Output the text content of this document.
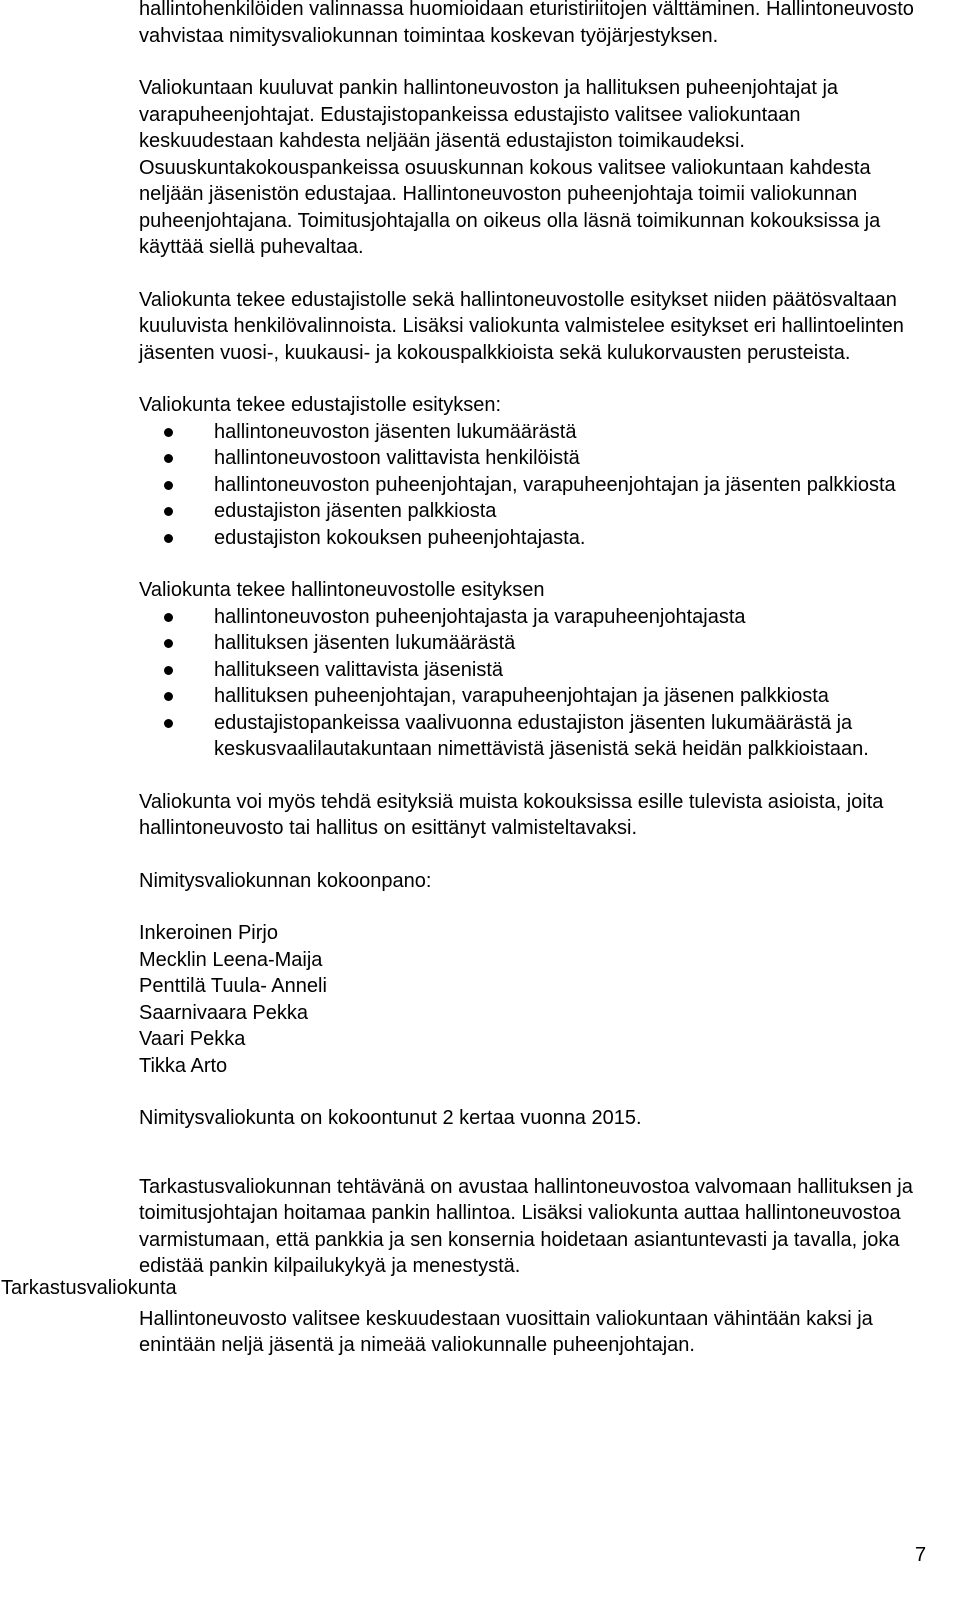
hallintohenkilöiden valinnassa huomioidaan eturistiriitojen välttäminen. Hallintoneuvosto vahvistaa nimitysvaliokunnan toimintaa koskevan työjärjestyksen.

Valiokuntaan kuuluvat pankin hallintoneuvoston ja hallituksen puheenjohtajat ja varapuheenjohtajat. Edustajistopankeissa edustajisto valitsee valiokuntaan keskuudestaan kahdesta neljään jäsentä edustajiston toimikaudeksi. Osuuskuntakokouspankeissa osuuskunnan kokous valitsee valiokuntaan kahdesta neljään jäsenistön edustajaa. Hallintoneuvoston puheenjohtaja toimii valiokunnan puheenjohtajana. Toimitusjohtajalla on oikeus olla läsnä toimikunnan kokouksissa ja käyttää siellä puhevaltaa.

Valiokunta tekee edustajistolle sekä hallintoneuvostolle esitykset niiden päätösvaltaan kuuluvista henkilövalinnoista. Lisäksi valiokunta valmistelee esitykset eri hallintoelinten jäsenten vuosi-, kuukausi- ja kokouspalkkioista sekä kulukorvausten perusteista.

Valiokunta tekee edustajistolle esityksen:

hallintoneuvoston jäsenten lukumäärästä
hallintoneuvostoon valittavista henkilöistä
hallintoneuvoston puheenjohtajan, varapuheenjohtajan ja jäsenten palkkiosta
edustajiston jäsenten palkkiosta
edustajiston kokouksen puheenjohtajasta.

Valiokunta tekee hallintoneuvostolle esityksen

hallintoneuvoston puheenjohtajasta ja varapuheenjohtajasta
hallituksen jäsenten lukumäärästä
hallitukseen valittavista jäsenistä
hallituksen puheenjohtajan, varapuheenjohtajan ja jäsenen palkkiosta
edustajistopankeissa vaalivuonna edustajiston jäsenten lukumäärästä ja keskusvaalilautakuntaan nimettävistä jäsenistä sekä heidän palkkioistaan.

Valiokunta voi myös tehdä esityksiä muista kokouksissa esille tulevista asioista, joita hallintoneuvosto tai hallitus on esittänyt valmisteltavaksi.

Nimitysvaliokunnan kokoonpano:

Inkeroinen Pirjo

Mecklin Leena-Maija

Penttilä Tuula- Anneli

Saarnivaara Pekka

Vaari Pekka

Tikka Arto

Nimitysvaliokunta on kokoontunut 2 kertaa vuonna 2015.

Tarkastusvaliokunnan tehtävänä on avustaa hallintoneuvostoa valvomaan hallituksen ja toimitusjohtajan hoitamaa pankin hallintoa. Lisäksi valiokunta auttaa hallintoneuvostoa varmistumaan, että pankkia ja sen konsernia hoidetaan asiantuntevasti ja tavalla, joka edistää pankin kilpailukykyä ja menestystä.

Hallintoneuvosto valitsee keskuudestaan vuosittain valiokuntaan vähintään kaksi ja enintään neljä jäsentä ja nimeää valiokunnalle puheenjohtajan.

Tarkastusvaliokunta
7
